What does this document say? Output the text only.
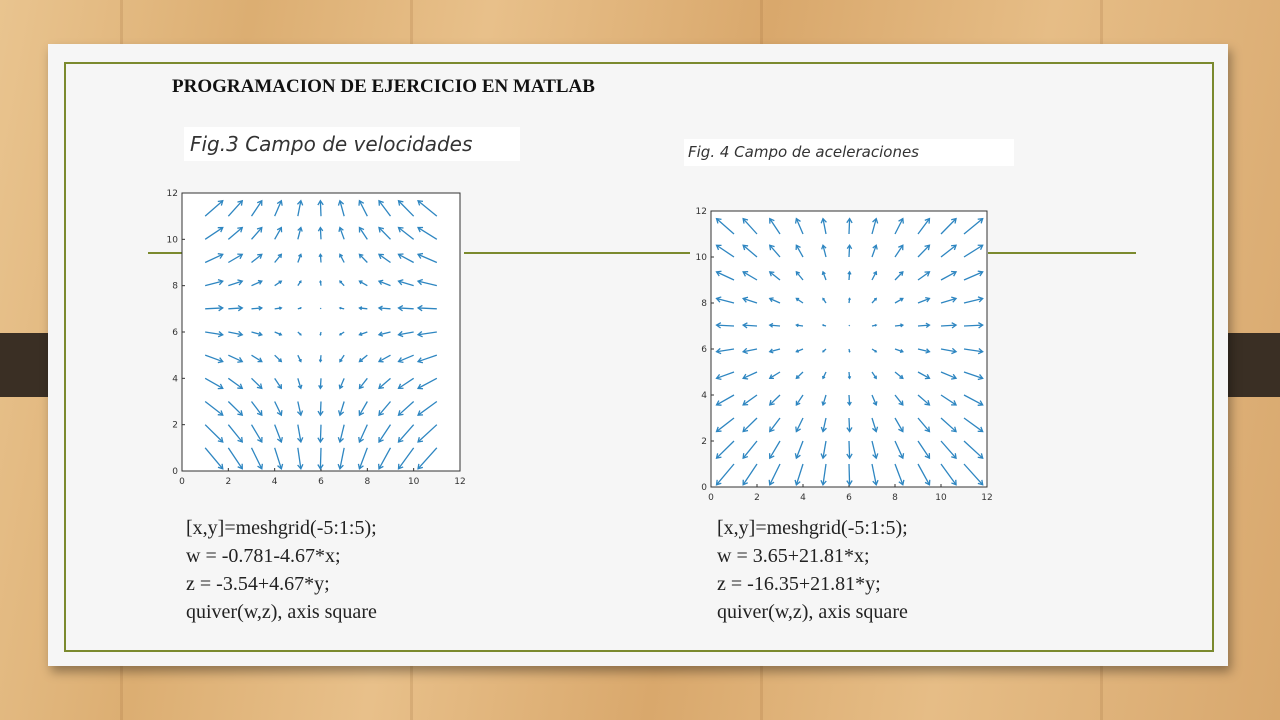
PROGRAMACION DE EJERCICIO EN MATLAB
Fig.3 Campo de velocidades	Fig. 4 Campo de aceleraciones
0	2	4	6	8	10	12
0
2
4
6
8
10
12
0	2	4	6	8	10	12
0
2
4
6
8
10
12
[x,y]=meshgrid(-5:1:5);
w = -0.781-4.67*x;
z = -3.54+4.67*y;
quiver(w,z), axis square
[x,y]=meshgrid(-5:1:5);
w = 3.65+21.81*x;
z = -16.35+21.81*y;
quiver(w,z), axis square
